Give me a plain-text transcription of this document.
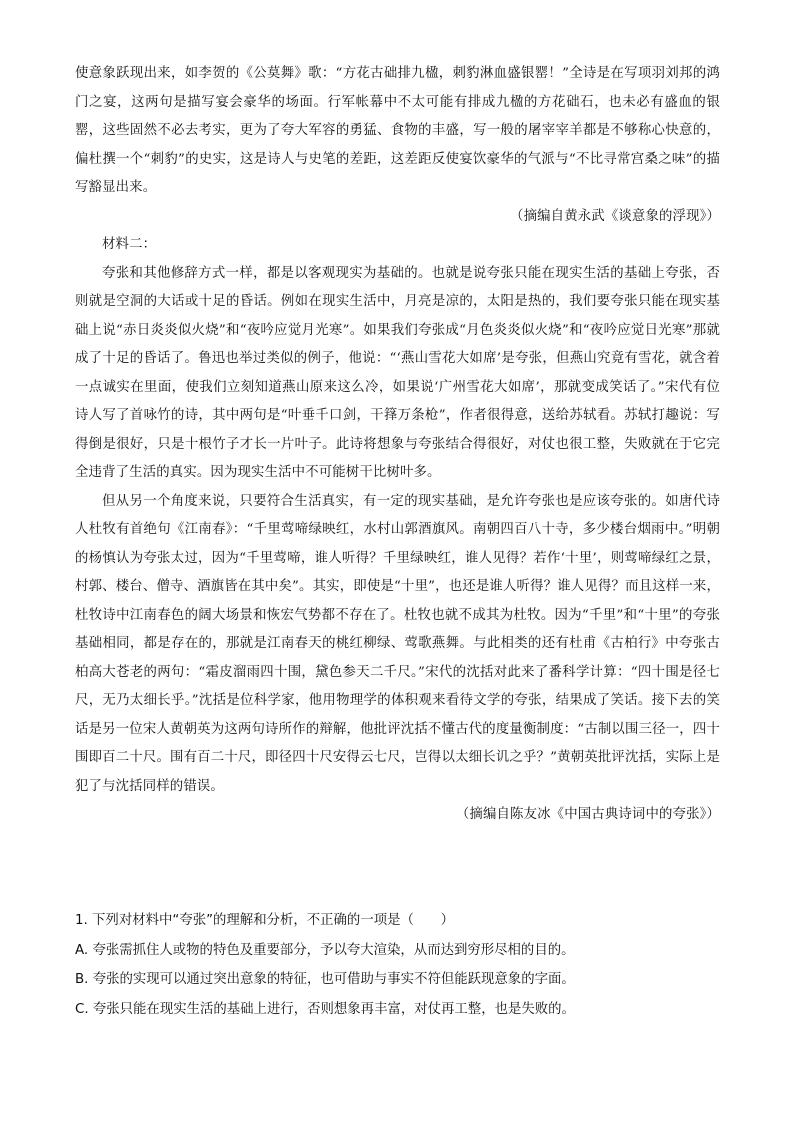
使意象跃现出来，如李贺的《公莫舞》歌：“方花古础排九楹，刺豹淋血盛银罂！”全诗是在写项羽刘邦的鸿门之宴，这两句是描写宴会豪华的场面。行军帐幕中不太可能有排成九楹的方花础石，也未必有盛血的银罂，这些固然不必去考实，更为了夸大军容的勇猛、食物的丰盛，写一般的屠宰宰羊都是不够称心快意的，偏杜撰一个“刺豹”的史实，这是诗人与史笔的差距，这差距反使宴饮豪华的气派与“不比寻常宫桑之味”的描写豁显出来。

（摘编自黄永武《谈意象的浮现》）

材料二：

夸张和其他修辞方式一样，都是以客观现实为基础的。也就是说夸张只能在现实生活的基础上夸张，否则就是空洞的大话或十足的昏话。例如在现实生活中，月亮是凉的，太阳是热的，我们要夸张只能在现实基础上说“赤日炎炎似火烧”和“夜吟应觉月光寒”。如果我们夸张成“月色炎炎似火烧”和“夜吟应觉日光寒”那就成了十足的昏话了。鲁迅也举过类似的例子，他说：“‘燕山雪花大如席’是夸张，但燕山究竟有雪花，就含着一点诚实在里面，使我们立刻知道燕山原来这么冷，如果说‘广州雪花大如席’，那就变成笑话了。”宋代有位诗人写了首咏竹的诗，其中两句是“叶垂千口剑，干箨万条枪”，作者很得意，送给苏轼看。苏轼打趣说：写得倒是很好，只是十根竹子才长一片叶子。此诗将想象与夸张结合得很好，对仗也很工整，失败就在于它完全违背了生活的真实。因为现实生活中不可能树干比树叶多。

但从另一个角度来说，只要符合生活真实，有一定的现实基础，是允许夸张也是应该夸张的。如唐代诗人杜牧有首绝句《江南春》：“千里莺啼绿映红，水村山郭酒旗风。南朝四百八十寺，多少楼台烟雨中。”明朝的杨慎认为夸张太过，因为“千里莺啼，谁人听得？千里绿映红，谁人见得？若作‘十里’，则莺啼绿红之景，村郭、楼台、僧寺、酒旗皆在其中矣”。其实，即使是“十里”，也还是谁人听得？谁人见得？而且这样一来，杜牧诗中江南春色的阔大场景和恢宏气势都不存在了。杜牧也就不成其为杜牧。因为“千里”和“十里”的夸张基础相同，都是存在的，那就是江南春天的桃红柳绿、莺歌燕舞。与此相类的还有杜甫《古柏行》中夸张古柏高大苍老的两句：“霜皮溜雨四十围，黛色参天二千尺。”宋代的沈括对此来了番科学计算：“四十围是径七尺，无乃太细长乎。”沈括是位科学家，他用物理学的体积观来看待文学的夸张，结果成了笑话。接下去的笑话是另一位宋人黄朝英为这两句诗所作的辩解，他批评沈括不懂古代的度量衡制度：“古制以围三径一，四十围即百二十尺。围有百二十尺，即径四十尺安得云七尺，岂得以太细长讥之乎？”黄朝英批评沈括，实际上是犯了与沈括同样的错误。

（摘编自陈友冰《中国古典诗词中的夸张》）

1. 下列对材料中“夸张”的理解和分析，不正确的一项是（　　）

A. 夸张需抓住人或物的特色及重要部分，予以夸大渲染，从而达到穷形尽相的目的。

B. 夸张的实现可以通过突出意象的特征，也可借助与事实不符但能跃现意象的字面。

C. 夸张只能在现实生活的基础上进行，否则想象再丰富，对仗再工整，也是失败的。
